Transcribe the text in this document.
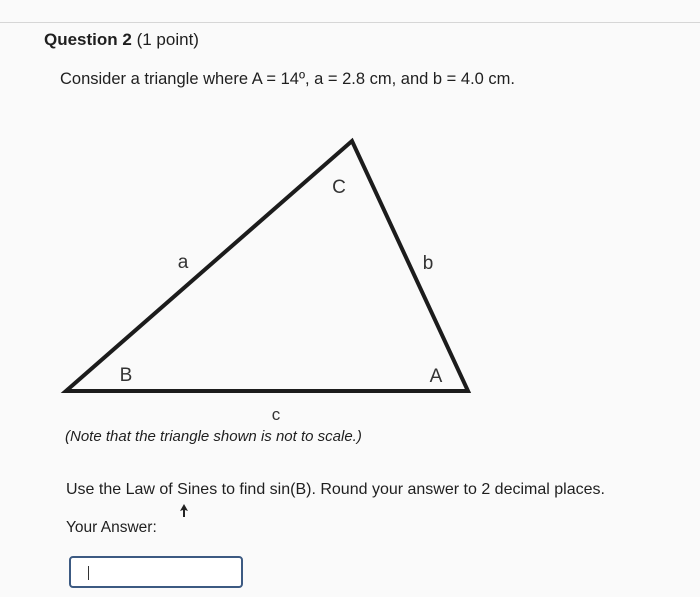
Question 2 (1 point)
Consider a triangle where A = 14º, a = 2.8 cm, and b = 4.0 cm.
C
a	b
B	A
c
(Note that the triangle shown is not to scale.)
Use the Law of Sines to find sin(B). Round your answer to 2 decimal places.
Your Answer:
